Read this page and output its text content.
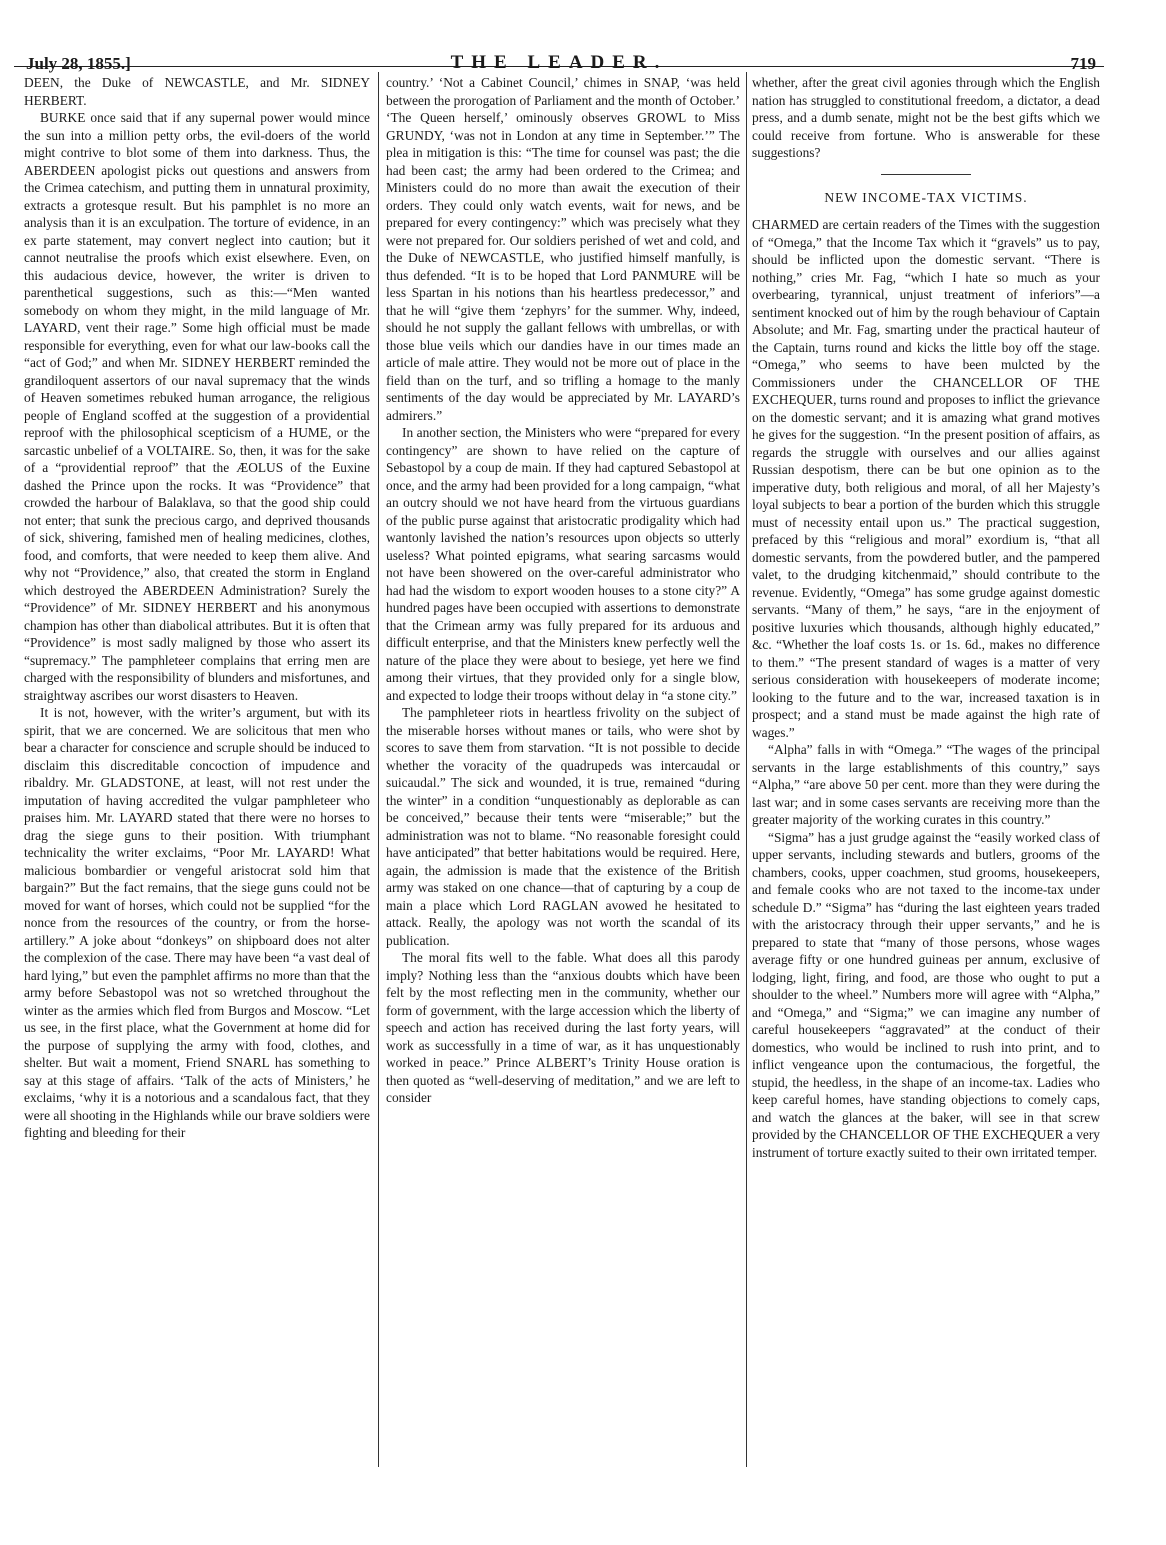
July 28, 1855.]	THE LEADER.	719

DEEN, the Duke of NEWCASTLE, and Mr. SIDNEY HERBERT.

BURKE once said that if any supernal power would mince the sun into a million petty orbs, the evil-doers of the world might contrive to blot some of them into darkness. Thus, the ABERDEEN apologist picks out questions and answers from the Crimea catechism, and putting them in unnatural proximity, extracts a grotesque result. But his pamphlet is no more an analysis than it is an exculpation. The torture of evidence, in an ex parte statement, may convert neglect into caution; but it cannot neutralise the proofs which exist elsewhere. Even, on this audacious device, however, the writer is driven to parenthetical suggestions, such as this:—“Men wanted somebody on whom they might, in the mild language of Mr. LAYARD, vent their rage.” Some high official must be made responsible for everything, even for what our law-books call the “act of God;” and when Mr. SIDNEY HERBERT reminded the grandiloquent assertors of our naval supremacy that the winds of Heaven sometimes rebuked human arrogance, the religious people of England scoffed at the suggestion of a providential reproof with the philosophical scepticism of a HUME, or the sarcastic unbelief of a VOLTAIRE. So, then, it was for the sake of a “providential reproof” that the ÆOLUS of the Euxine dashed the Prince upon the rocks. It was “Providence” that crowded the harbour of Balaklava, so that the good ship could not enter; that sunk the precious cargo, and deprived thousands of sick, shivering, famished men of healing medicines, clothes, food, and comforts, that were needed to keep them alive. And why not “Providence,” also, that created the storm in England which destroyed the ABERDEEN Administration? Surely the “Providence” of Mr. SIDNEY HERBERT and his anonymous champion has other than diabolical attributes. But it is often that “Providence” is most sadly maligned by those who assert its “supremacy.” The pamphleteer complains that erring men are charged with the responsibility of blunders and misfortunes, and straightway ascribes our worst disasters to Heaven.

It is not, however, with the writer’s argument, but with its spirit, that we are concerned. We are solicitous that men who bear a character for conscience and scruple should be induced to disclaim this discreditable concoction of impudence and ribaldry. Mr. GLADSTONE, at least, will not rest under the imputation of having accredited the vulgar pamphleteer who praises him. Mr. LAYARD stated that there were no horses to drag the siege guns to their position. With triumphant technicality the writer exclaims, “Poor Mr. LAYARD! What malicious bombardier or vengeful aristocrat sold him that bargain?” But the fact remains, that the siege guns could not be moved for want of horses, which could not be supplied “for the nonce from the resources of the country, or from the horse-artillery.” A joke about “donkeys” on shipboard does not alter the complexion of the case. There may have been “a vast deal of hard lying,” but even the pamphlet affirms no more than that the army before Sebastopol was not so wretched throughout the winter as the armies which fled from Burgos and Moscow. “Let us see, in the first place, what the Government at home did for the purpose of supplying the army with food, clothes, and shelter. But wait a moment, Friend SNARL has something to say at this stage of affairs. ‘Talk of the acts of Ministers,’ he exclaims, ‘why it is a notorious and a scandalous fact, that they were all shooting in the Highlands while our brave soldiers were fighting and bleeding for their

country.’ ‘Not a Cabinet Council,’ chimes in SNAP, ‘was held between the prorogation of Parliament and the month of October.’ ‘The Queen herself,’ ominously observes GROWL to Miss GRUNDY, ‘was not in London at any time in September.’” The plea in mitigation is this: “The time for counsel was past; the die had been cast; the army had been ordered to the Crimea; and Ministers could do no more than await the execution of their orders. They could only watch events, wait for news, and be prepared for every contingency:” which was precisely what they were not prepared for. Our soldiers perished of wet and cold, and the Duke of NEWCASTLE, who justified himself manfully, is thus defended. “It is to be hoped that Lord PANMURE will be less Spartan in his notions than his heartless predecessor,” and that he will “give them ‘zephyrs’ for the summer. Why, indeed, should he not supply the gallant fellows with umbrellas, or with those blue veils which our dandies have in our times made an article of male attire. They would not be more out of place in the field than on the turf, and so trifling a homage to the manly sentiments of the day would be appreciated by Mr. LAYARD’s admirers.”

In another section, the Ministers who were “prepared for every contingency” are shown to have relied on the capture of Sebastopol by a coup de main. If they had captured Sebastopol at once, and the army had been provided for a long campaign, “what an outcry should we not have heard from the virtuous guardians of the public purse against that aristocratic prodigality which had wantonly lavished the nation’s resources upon objects so utterly useless? What pointed epigrams, what searing sarcasms would not have been showered on the over-careful administrator who had had the wisdom to export wooden houses to a stone city?” A hundred pages have been occupied with assertions to demonstrate that the Crimean army was fully prepared for its arduous and difficult enterprise, and that the Ministers knew perfectly well the nature of the place they were about to besiege, yet here we find among their virtues, that they provided only for a single blow, and expected to lodge their troops without delay in “a stone city.”

The pamphleteer riots in heartless frivolity on the subject of the miserable horses without manes or tails, who were shot by scores to save them from starvation. “It is not possible to decide whether the voracity of the quadrupeds was intercaudal or suicaudal.” The sick and wounded, it is true, remained “during the winter” in a condition “unquestionably as deplorable as can be conceived,” because their tents were “miserable;” but the administration was not to blame. “No reasonable foresight could have anticipated” that better habitations would be required. Here, again, the admission is made that the existence of the British army was staked on one chance—that of capturing by a coup de main a place which Lord RAGLAN avowed he hesitated to attack. Really, the apology was not worth the scandal of its publication.

The moral fits well to the fable. What does all this parody imply? Nothing less than the “anxious doubts which have been felt by the most reflecting men in the community, whether our form of government, with the large accession which the liberty of speech and action has received during the last forty years, will work as successfully in a time of war, as it has unquestionably worked in peace.” Prince ALBERT’s Trinity House oration is then quoted as “well-deserving of meditation,” and we are left to consider

whether, after the great civil agonies through which the English nation has struggled to constitutional freedom, a dictator, a dead press, and a dumb senate, might not be the best gifts which we could receive from fortune. Who is answerable for these suggestions?

NEW INCOME-TAX VICTIMS.

CHARMED are certain readers of the Times with the suggestion of “Omega,” that the Income Tax which it “gravels” us to pay, should be inflicted upon the domestic servant. “There is nothing,” cries Mr. Fag, “which I hate so much as your overbearing, tyrannical, unjust treatment of inferiors”—a sentiment knocked out of him by the rough behaviour of Captain Absolute; and Mr. Fag, smarting under the practical hauteur of the Captain, turns round and kicks the little boy off the stage. “Omega,” who seems to have been mulcted by the Commissioners under the CHANCELLOR OF THE EXCHEQUER, turns round and proposes to inflict the grievance on the domestic servant; and it is amazing what grand motives he gives for the suggestion. “In the present position of affairs, as regards the struggle with ourselves and our allies against Russian despotism, there can be but one opinion as to the imperative duty, both religious and moral, of all her Majesty’s loyal subjects to bear a portion of the burden which this struggle must of necessity entail upon us.” The practical suggestion, prefaced by this “religious and moral” exordium is, “that all domestic servants, from the powdered butler, and the pampered valet, to the drudging kitchenmaid,” should contribute to the revenue. Evidently, “Omega” has some grudge against domestic servants. “Many of them,” he says, “are in the enjoyment of positive luxuries which thousands, although highly educated,” &c. “Whether the loaf costs 1s. or 1s. 6d., makes no difference to them.” “The present standard of wages is a matter of very serious consideration with housekeepers of moderate income; looking to the future and to the war, increased taxation is in prospect; and a stand must be made against the high rate of wages.”

“Alpha” falls in with “Omega.” “The wages of the principal servants in the large establishments of this country,” says “Alpha,” “are above 50 per cent. more than they were during the last war; and in some cases servants are receiving more than the greater majority of the working curates in this country.”

“Sigma” has a just grudge against the “easily worked class of upper servants, including stewards and butlers, grooms of the chambers, cooks, upper coachmen, stud grooms, housekeepers, and female cooks who are not taxed to the income-tax under schedule D.” “Sigma” has “during the last eighteen years traded with the aristocracy through their upper servants,” and he is prepared to state that “many of those persons, whose wages average fifty or one hundred guineas per annum, exclusive of lodging, light, firing, and food, are those who ought to put a shoulder to the wheel.” Numbers more will agree with “Alpha,” and “Omega,” and “Sigma;” we can imagine any number of careful housekeepers “aggravated” at the conduct of their domestics, who would be inclined to rush into print, and to inflict vengeance upon the contumacious, the forgetful, the stupid, the heedless, in the shape of an income-tax. Ladies who keep careful homes, have standing objections to comely caps, and watch the glances at the baker, will see in that screw provided by the CHANCELLOR OF THE EXCHEQUER a very instrument of torture exactly suited to their own irritated temper.
